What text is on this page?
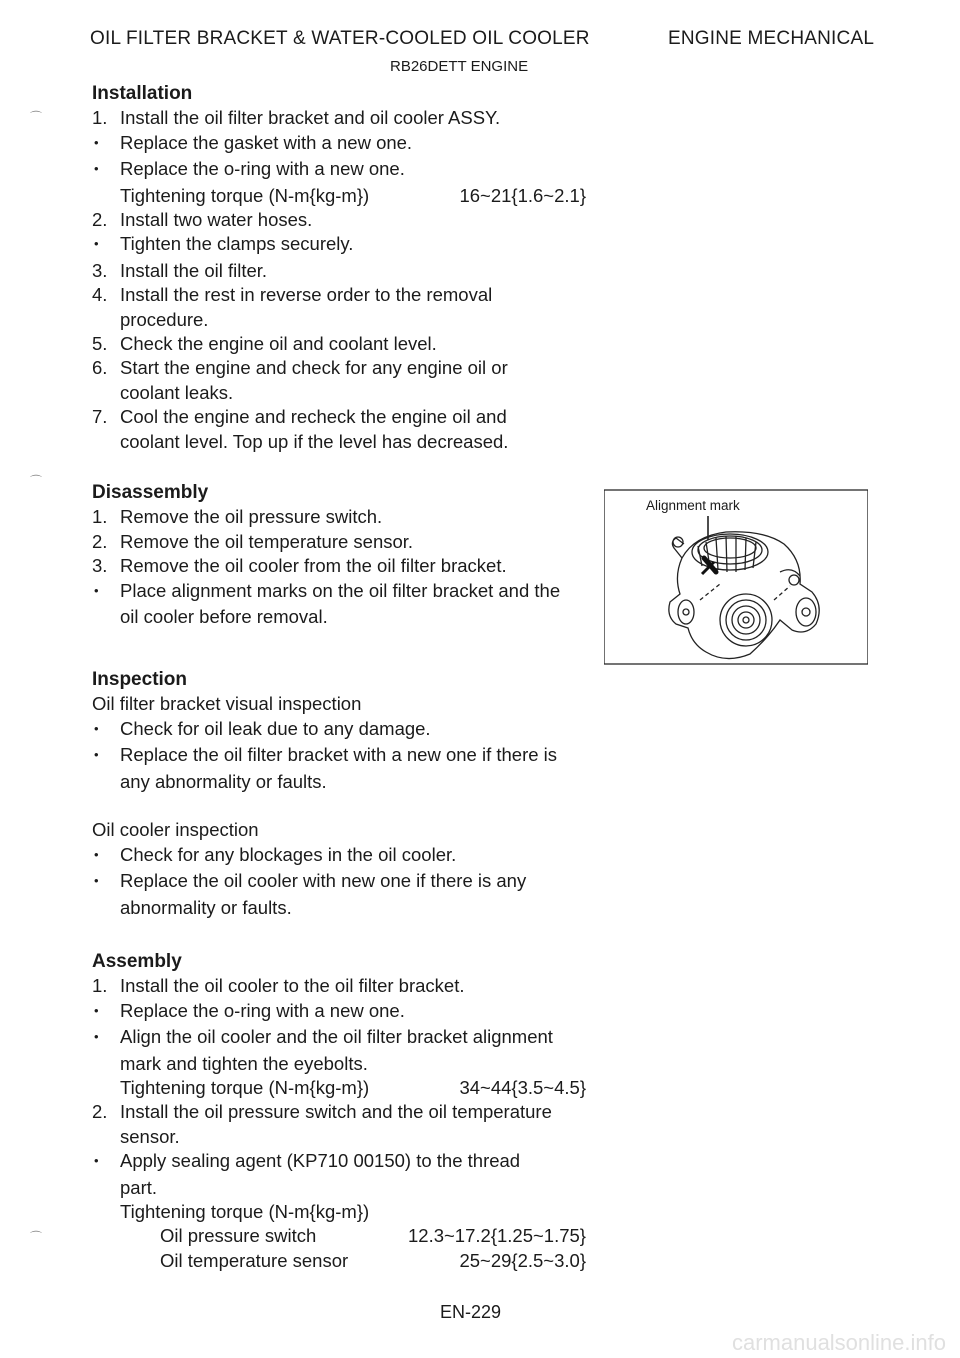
OIL FILTER BRACKET & WATER-COOLED OIL COOLER
RB26DETT ENGINE
ENGINE MECHANICAL
Installation
1. Install the oil filter bracket and oil cooler ASSY.
•Replace the gasket with a new one.
•Replace the o-ring with a new one.
Tightening torque (N-m{kg-m})	16~21{1.6~2.1}
2. Install two water hoses.
•Tighten the clamps securely.
3. Install the oil filter.
4. Install the rest in reverse order to the removal
procedure.
5. Check the engine oil and coolant level.
6. Start the engine and check for any engine oil or
coolant leaks.
7. Cool the engine and recheck the engine oil and
coolant level. Top up if the level has decreased.
Disassembly
1. Remove the oil pressure switch.
2. Remove the oil temperature sensor.
3. Remove the oil cooler from the oil filter bracket.
•Place alignment marks on the oil filter bracket and the
oil cooler before removal.
Inspection
Oil filter bracket visual inspection
•Check for oil leak due to any damage.
•Replace the oil filter bracket with a new one if there is
any abnormality or faults.

Oil cooler inspection
•Check for any blockages in the oil cooler.
•Replace the oil cooler with new one if there is any
abnormality or faults.
Assembly
1. Install the oil cooler to the oil filter bracket.
•Replace the o-ring with a new one.
•Align the oil cooler and the oil filter bracket alignment
mark and tighten the eyebolts.
Tightening torque (N-m{kg-m})	34~44{3.5~4.5}
2. Install the oil pressure switch and the oil temperature
sensor.
•Apply sealing agent (KP710 00150) to the thread
part.
Tightening torque (N-m{kg-m})
Oil pressure switch	12.3~17.2{1.25~1.75}
Oil temperature sensor	25~29{2.5~3.0}
Alignment mark
⌒
⌒
⌒
EN-229
carmanualsonline.info
